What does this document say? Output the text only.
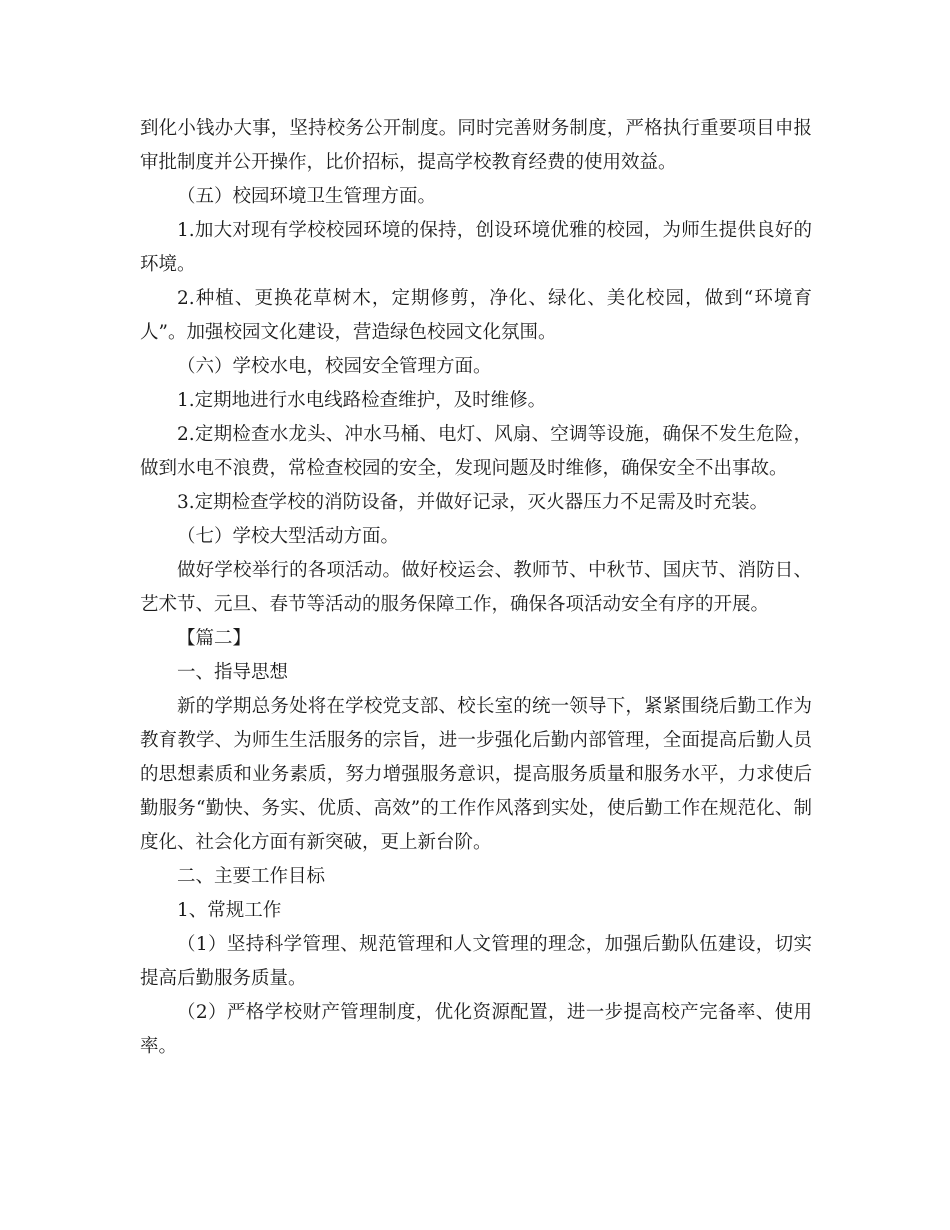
到化小钱办大事，坚持校务公开制度。同时完善财务制度，严格执行重要项目申报审批制度并公开操作，比价招标，提高学校教育经费的使用效益。

（五）校园环境卫生管理方面。

1.加大对现有学校校园环境的保持，创设环境优雅的校园，为师生提供良好的环境。

2.种植、更换花草树木，定期修剪，净化、绿化、美化校园，做到“环境育人”。加强校园文化建设，营造绿色校园文化氛围。

（六）学校水电，校园安全管理方面。

1.定期地进行水电线路检查维护，及时维修。

2.定期检查水龙头、冲水马桶、电灯、风扇、空调等设施，确保不发生危险，做到水电不浪费，常检查校园的安全，发现问题及时维修，确保安全不出事故。

3.定期检查学校的消防设备，并做好记录，灭火器压力不足需及时充装。

（七）学校大型活动方面。

做好学校举行的各项活动。做好校运会、教师节、中秋节、国庆节、消防日、艺术节、元旦、春节等活动的服务保障工作，确保各项活动安全有序的开展。

【篇二】

一、指导思想

新的学期总务处将在学校党支部、校长室的统一领导下，紧紧围绕后勤工作为教育教学、为师生生活服务的宗旨，进一步强化后勤内部管理，全面提高后勤人员的思想素质和业务素质，努力增强服务意识，提高服务质量和服务水平，力求使后勤服务“勤快、务实、优质、高效”的工作作风落到实处，使后勤工作在规范化、制度化、社会化方面有新突破，更上新台阶。

二、主要工作目标

1、常规工作

（1）坚持科学管理、规范管理和人文管理的理念，加强后勤队伍建设，切实提高后勤服务质量。

（2）严格学校财产管理制度，优化资源配置，进一步提高校产完备率、使用率。
